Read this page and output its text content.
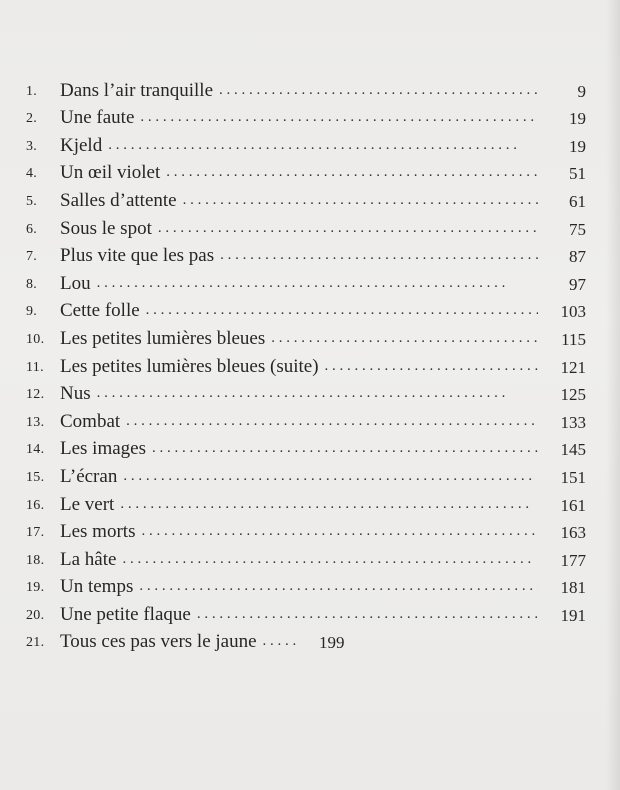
1.	Dans l’air tranquille . . .	9
2.	Une faute . . .	19
3.	Kjeld . . .	19
4.	Un œil violet . . .	51
5.	Salles d’attente . . .	61
6.	Sous le spot . . .	75
7.	Plus vite que les pas . . .	87
8.	Lou . . .	97
9.	Cette folle . . .	103
10. Les petites lumières bleues . . .	115
11. Les petites lumières bleues (suite) . . .	121
12. Nus . . .	125
13. Combat . . .	133
14. Les images . . .	145
15. L’écran . . .	151
16. Le vert . . .	161
17. Les morts . . .	163
18. La hâte . . .	177
19. Un temps . . .	181
20. Une petite flaque . . .	191
21. Tous ces pas vers le jaune . . .	199
